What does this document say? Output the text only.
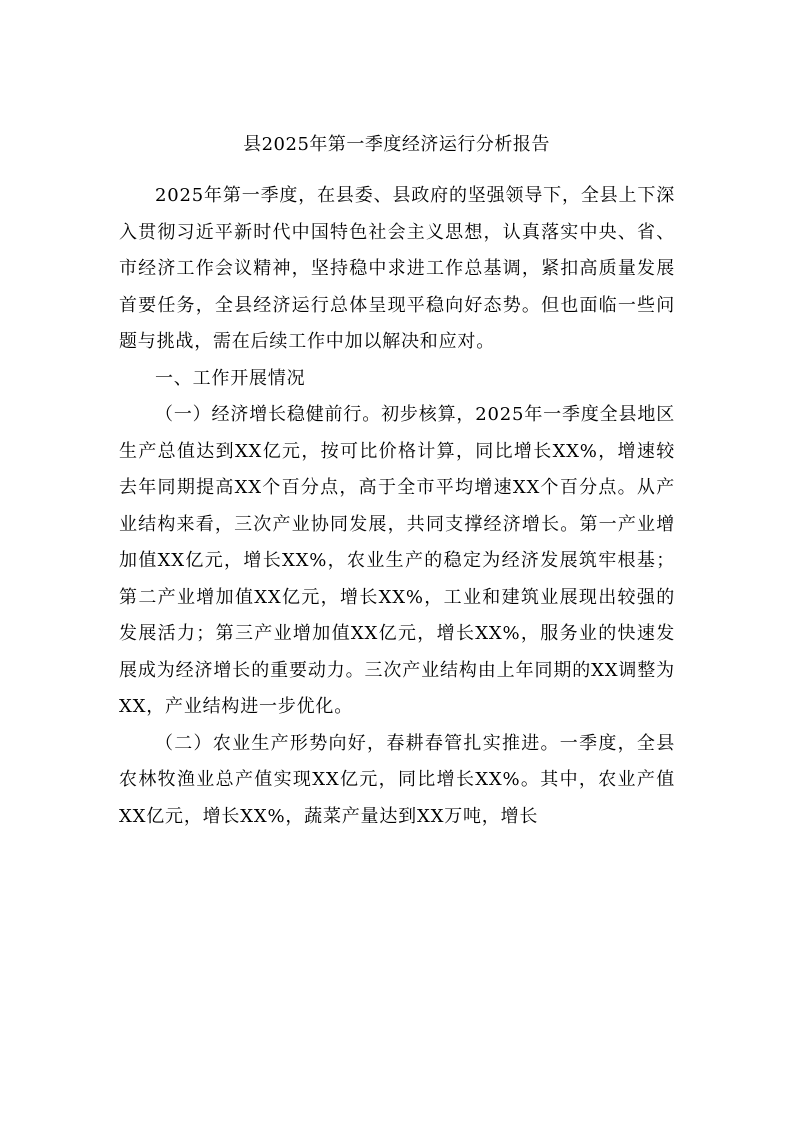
县2025年第一季度经济运行分析报告

2025年第一季度，在县委、县政府的坚强领导下，全县上下深入贯彻习近平新时代中国特色社会主义思想，认真落实中央、省、市经济工作会议精神，坚持稳中求进工作总基调，紧扣高质量发展首要任务，全县经济运行总体呈现平稳向好态势。但也面临一些问题与挑战，需在后续工作中加以解决和应对。

一、工作开展情况

（一）经济增长稳健前行。初步核算，2025年一季度全县地区生产总值达到XX亿元，按可比价格计算，同比增长XX%，增速较去年同期提高XX个百分点，高于全市平均增速XX个百分点。从产业结构来看，三次产业协同发展，共同支撑经济增长。第一产业增加值XX亿元，增长XX%，农业生产的稳定为经济发展筑牢根基；第二产业增加值XX亿元，增长XX%，工业和建筑业展现出较强的发展活力；第三产业增加值XX亿元，增长XX%，服务业的快速发展成为经济增长的重要动力。三次产业结构由上年同期的XX调整为XX，产业结构进一步优化。

（二）农业生产形势向好，春耕春管扎实推进。一季度，全县农林牧渔业总产值实现XX亿元，同比增长XX%。其中，农业产值XX亿元，增长XX%，蔬菜产量达到XX万吨，增长
